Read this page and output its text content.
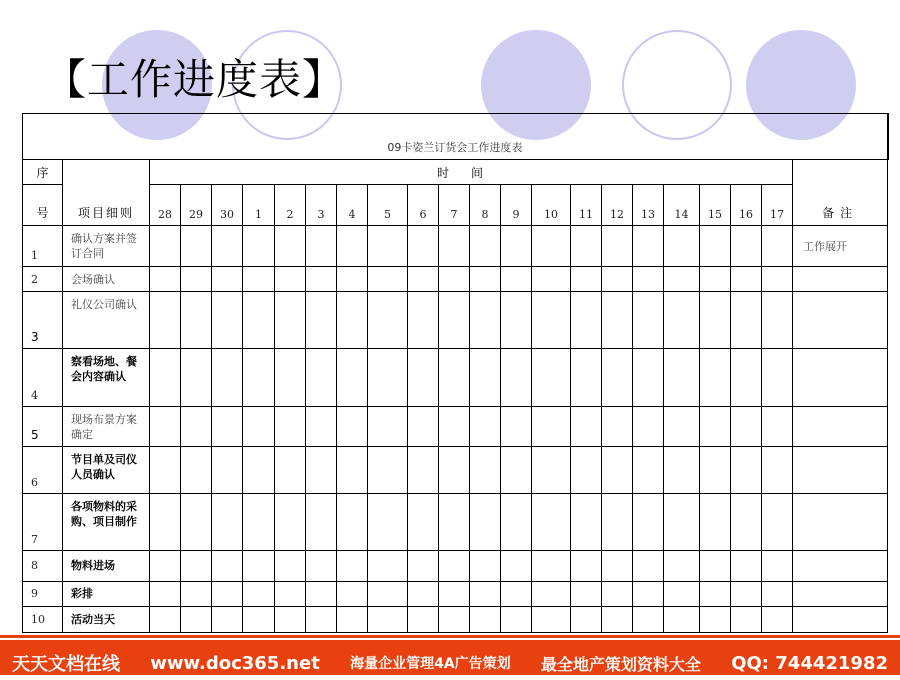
【工作进度表】
09卡姿兰订货会工作进度表																						
序	项目细则	时间																				备注
号		28	29	30	1	2	3	4	5	6	7	8	9	10	11	12	13	14	15	16	17	
1	确认方案并签订合同																					工作展开
2	会场确认																					
3	礼仪公司确认																					
4	察看场地、餐会内容确认																					
5	现场布景方案确定																					
6	节目单及司仪人员确认																					
7	各项物料的采购、项目制作																					
8	物料进场																					
9	彩排																					
10	活动当天																					
天天文档在线 www.doc365.net 海量企业管理4A广告策划 最全地产策划资料大全 QQ: 744421982
